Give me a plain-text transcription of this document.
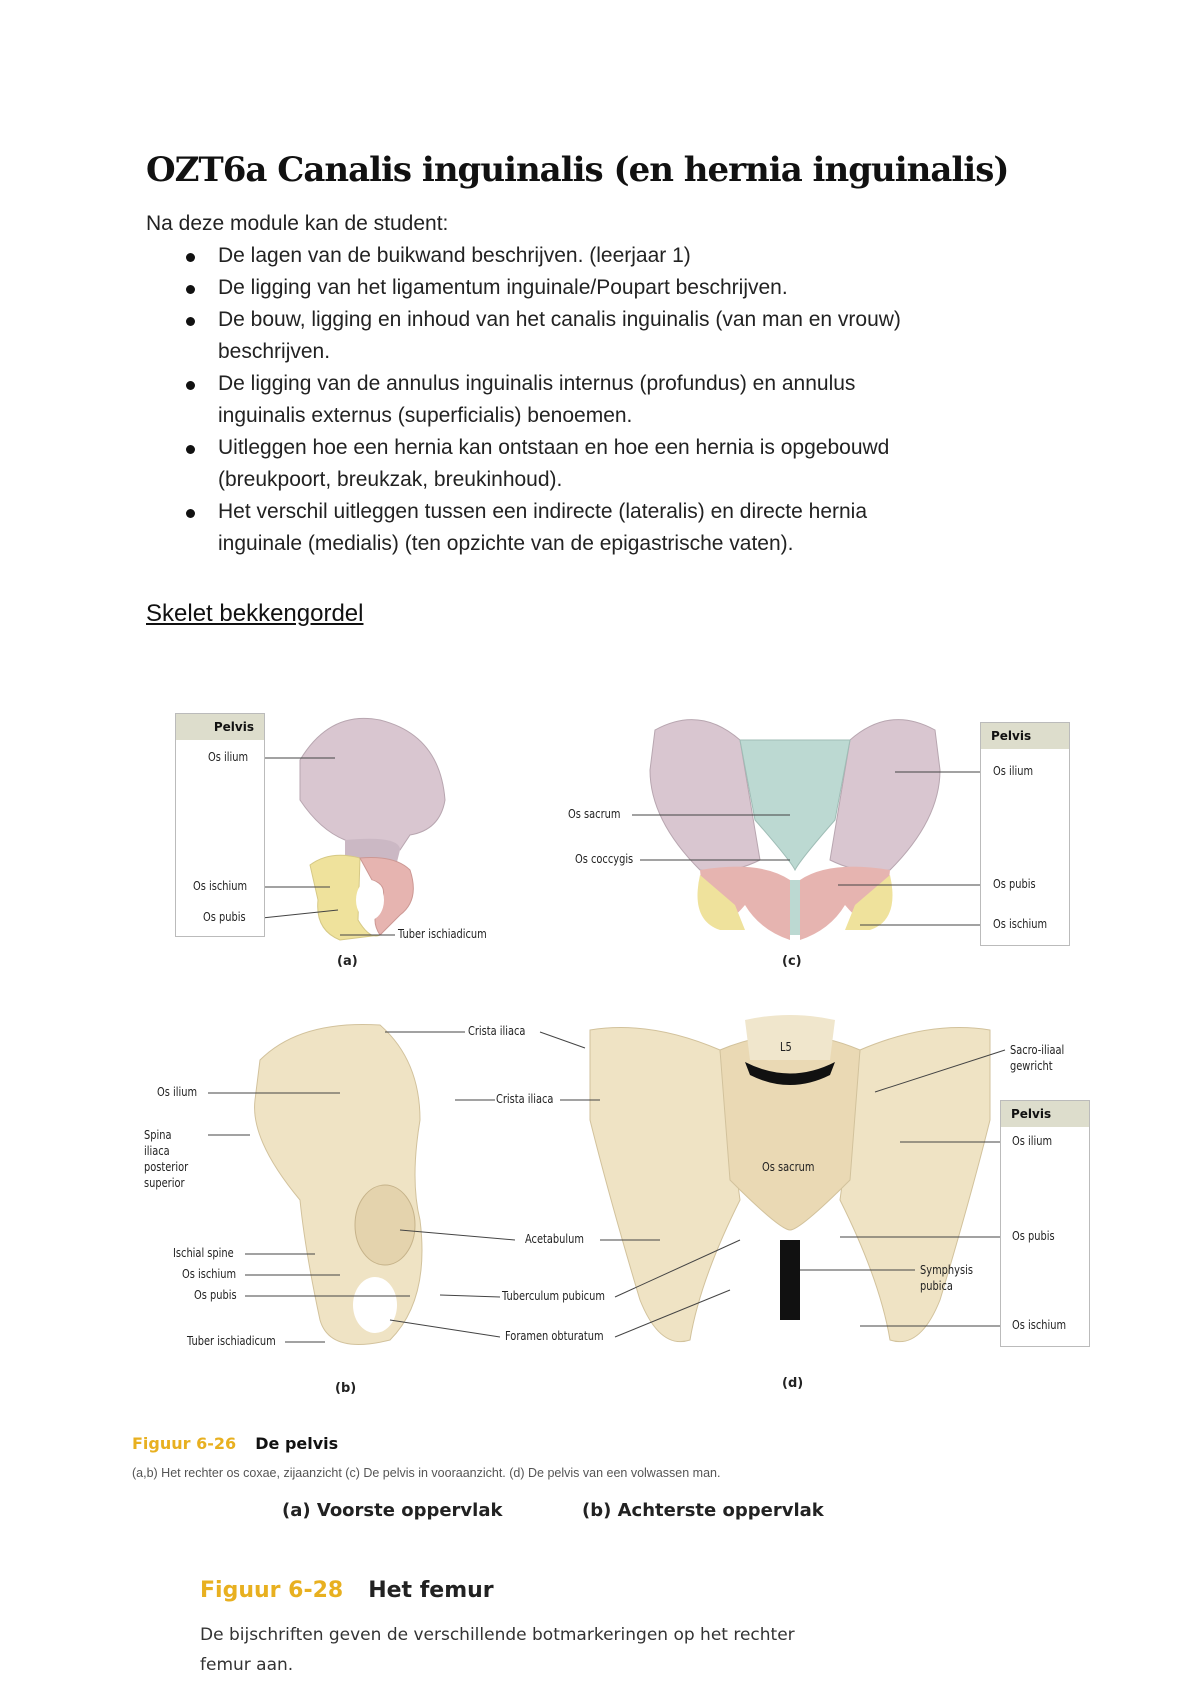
OZT6a Canalis inguinalis (en hernia inguinalis)
Na deze module kan de student:
De lagen van de buikwand beschrijven. (leerjaar 1)
De ligging van het ligamentum inguinale/Poupart beschrijven.
De bouw, ligging en inhoud van het canalis inguinalis (van man en vrouw) beschrijven.
De ligging van de annulus inguinalis internus (profundus) en annulus inguinalis externus (superficialis) benoemen.
Uitleggen hoe een hernia kan ontstaan en hoe een hernia is opgebouwd (breukpoort, breukzak, breukinhoud).
Het verschil uitleggen tussen een indirecte (lateralis) en directe hernia inguinale (medialis) (ten opzichte van de epigastrische vaten).
Skelet bekkengordel
Pelvis
Os ilium
Os ischium
Os pubis
Tuber ischiadicum
(a)
Os sacrum
Os coccygis
Pelvis
Os ilium
Os pubis
Os ischium
(c)
Os ilium
Spina iliaca posterior superior
Ischial spine
Os ischium
Os pubis
Tuber ischiadicum
Crista iliaca
Crista iliaca
Acetabulum
Tuberculum pubicum
Foramen obturatum
(b)
L5	Sacro-iliaal gewricht
Pelvis
Os ilium
Os sacrum
Os pubis
Symphysis pubica
Os ischium
(d)
Figuur 6-26 De pelvis
(a,b) Het rechter os coxae, zijaanzicht (c) De pelvis in vooraanzicht. (d) De pelvis van een volwassen man.
(a) Voorste oppervlak	(b) Achterste oppervlak
Figuur 6-28 Het femur
De bijschriften geven de verschillende botmarkeringen op het rechter femur aan.
